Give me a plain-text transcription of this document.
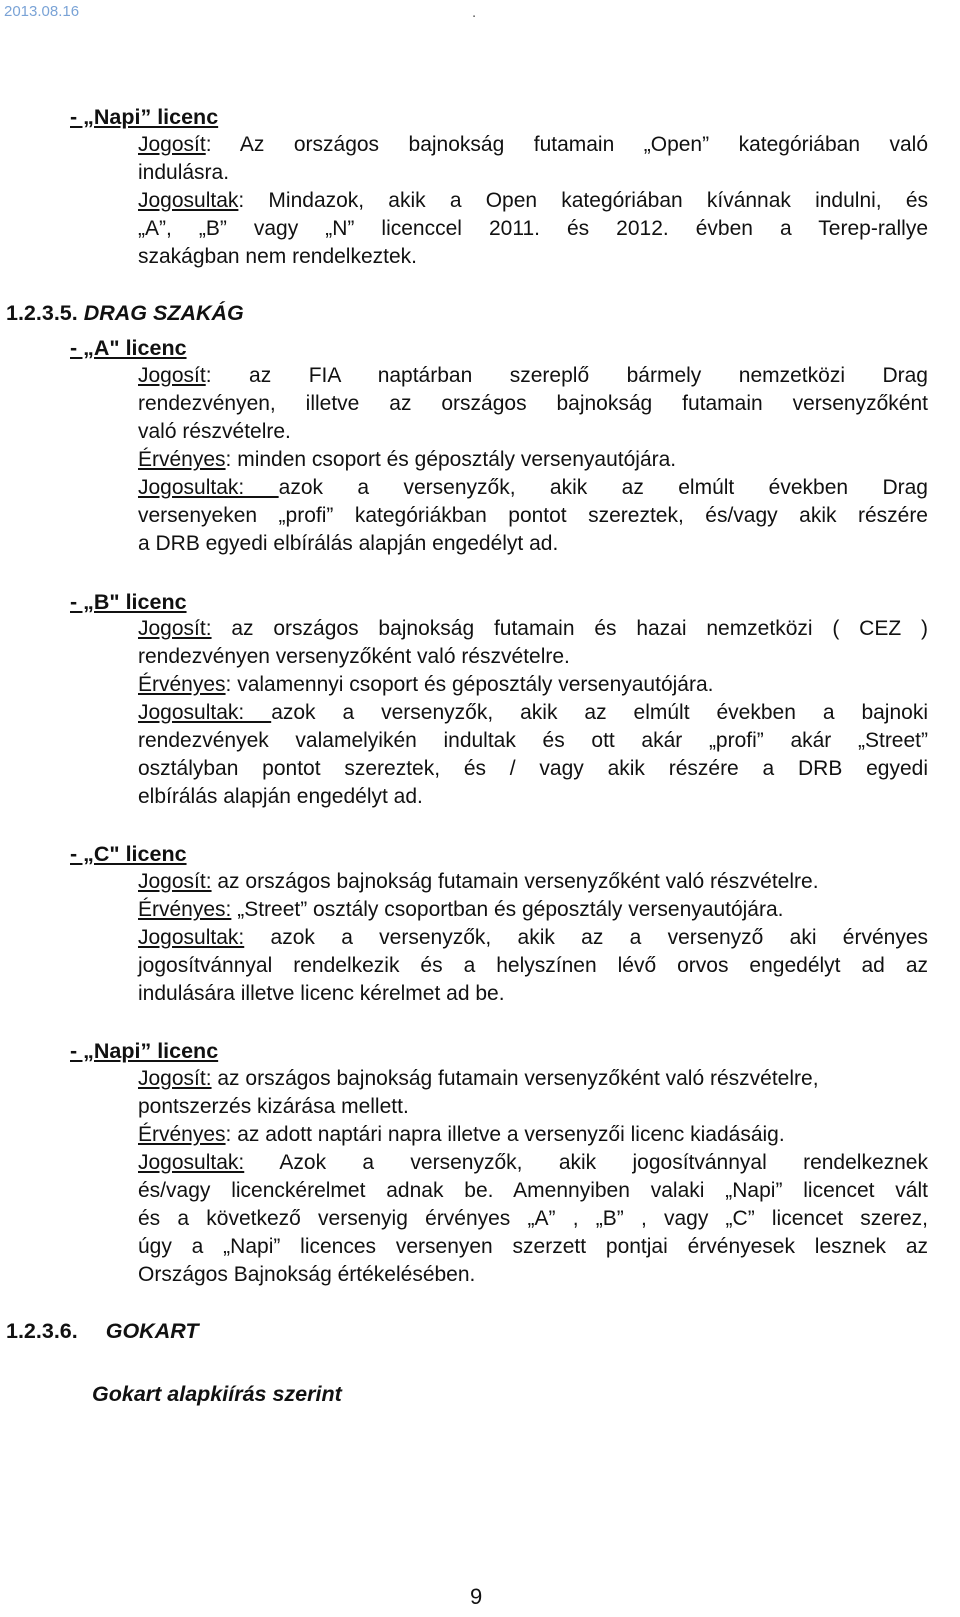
2013.08.16	.
- „Napi” licenc
Jogosít: Az országos bajnokság futamain „Open” kategóriában való
indulásra.
Jogosultak: Mindazok, akik a Open kategóriában kívánnak indulni, és
„A”, „B” vagy „N” licenccel 2011. és 2012. évben a Terep-rallye
szakágban nem rendelkeztek.
1.2.3.5. DRAG SZAKÁG
- „A" licenc
Jogosít: az FIA naptárban szereplő bármely nemzetközi Drag
rendezvényen, illetve az országos bajnokság futamain versenyzőként
való részvételre.
Érvényes: minden csoport és géposztály versenyautójára.
Jogosultak: azok a versenyzők, akik az elmúlt években Drag
versenyeken „profi” kategóriákban pontot szereztek, és/vagy akik részére
a DRB egyedi elbírálás alapján engedélyt ad.
- „B" licenc
Jogosít: az országos bajnokság futamain és hazai nemzetközi ( CEZ )
rendezvényen versenyzőként való részvételre.
Érvényes: valamennyi csoport és géposztály versenyautójára.
Jogosultak: azok a versenyzők, akik az elmúlt években a bajnoki
rendezvények valamelyikén indultak és ott akár „profi” akár „Street”
osztályban pontot szereztek, és / vagy akik részére a DRB egyedi
elbírálás alapján engedélyt ad.
- „C" licenc
Jogosít: az országos bajnokság futamain versenyzőként való részvételre.
Érvényes: „Street” osztály csoportban és géposztály versenyautójára.
Jogosultak: azok a versenyzők, akik az a versenyző aki érvényes
jogosítvánnyal rendelkezik és a helyszínen lévő orvos engedélyt ad az
indulására illetve licenc kérelmet ad be.
- „Napi” licenc
Jogosít: az országos bajnokság futamain versenyzőként való részvételre,
pontszerzés kizárása mellett.
Érvényes: az adott naptári napra illetve a versenyzői licenc kiadásáig.
Jogosultak: Azok a versenyzők, akik jogosítvánnyal rendelkeznek
és/vagy licenckérelmet adnak be. Amennyiben valaki „Napi” licencet vált
és a következő versenyig érvényes „A” , „B” , vagy „C” licencet szerez,
úgy a „Napi” licences versenyen szerzett pontjai érvényesek lesznek az
Országos Bajnokság értékelésében.
1.2.3.6. GOKART
Gokart alapkiírás szerint
9
